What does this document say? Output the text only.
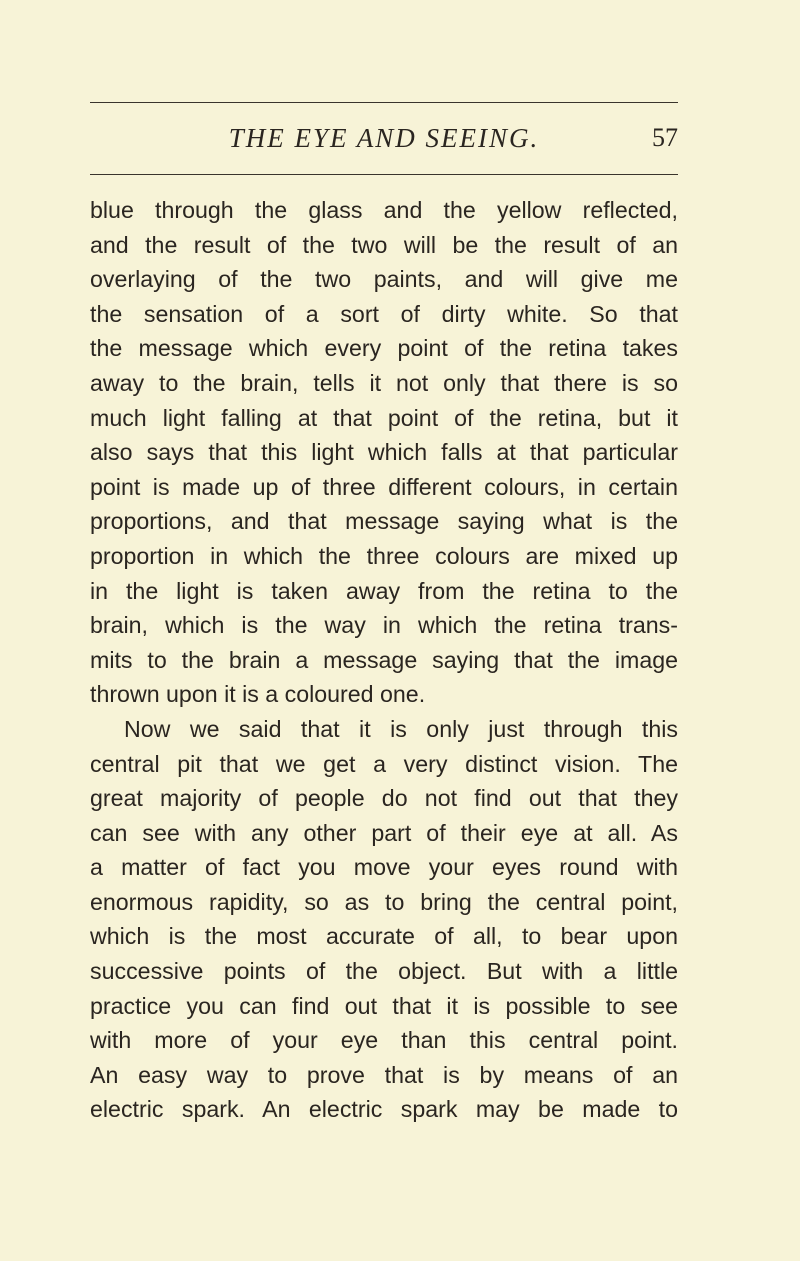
THE EYE AND SEEING.	57
blue through the glass and the yellow reflected,
and the result of the two will be the result of an
overlaying of the two paints, and will give me
the sensation of a sort of dirty white. So that
the message which every point of the retina takes
away to the brain, tells it not only that there is so
much light falling at that point of the retina, but it
also says that this light which falls at that particular
point is made up of three different colours, in certain
proportions, and that message saying what is the
proportion in which the three colours are mixed up
in the light is taken away from the retina to the
brain, which is the way in which the retina trans-
mits to the brain a message saying that the image
thrown upon it is a coloured one.
Now we said that it is only just through this
central pit that we get a very distinct vision. The
great majority of people do not find out that they
can see with any other part of their eye at all. As
a matter of fact you move your eyes round with
enormous rapidity, so as to bring the central point,
which is the most accurate of all, to bear upon
successive points of the object. But with a little
practice you can find out that it is possible to see
with more of your eye than this central point.
An easy way to prove that is by means of an
electric spark. An electric spark may be made to
